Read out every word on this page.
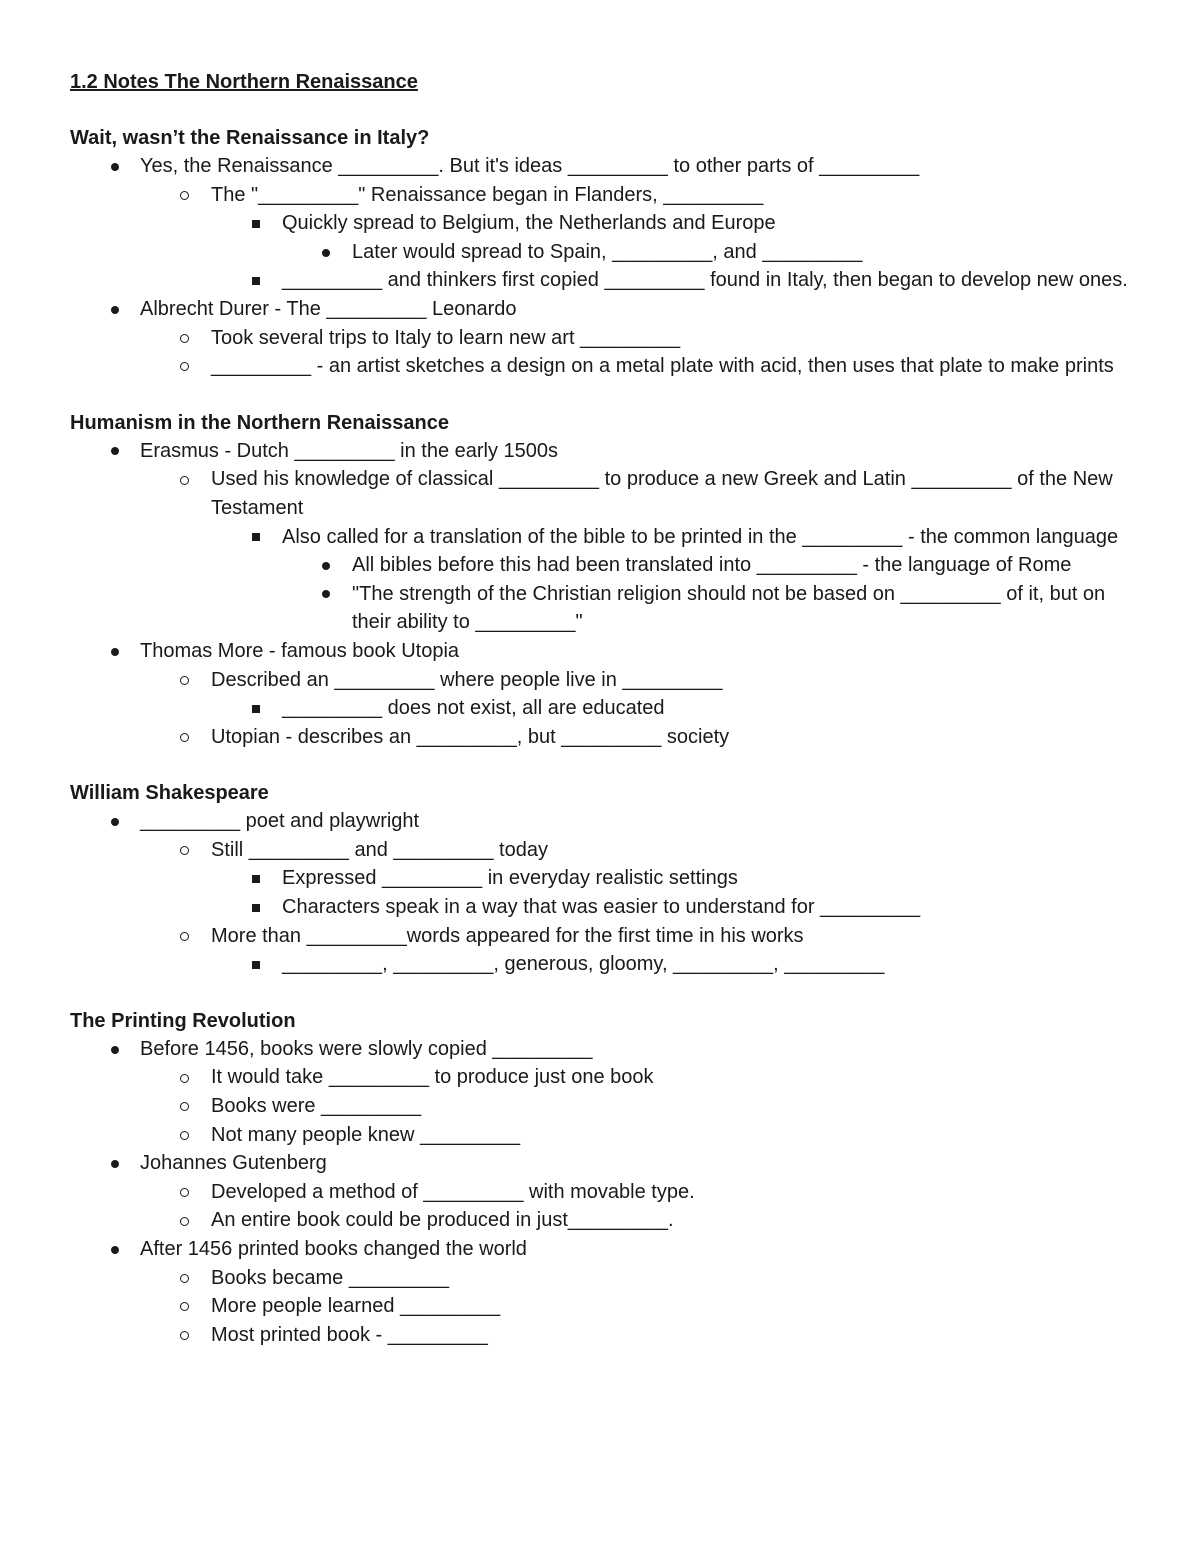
1.2 Notes The Northern Renaissance
Wait, wasn’t the Renaissance in Italy?
Yes, the Renaissance _________. But it's ideas _________ to other parts of _________
The "_________" Renaissance began in Flanders, _________
Quickly spread to Belgium, the Netherlands and Europe
Later would spread to Spain, _________, and _________
_________ and thinkers first copied _________ found in Italy, then began to develop new ones.
Albrecht Durer - The _________ Leonardo
Took several trips to Italy to learn new art _________
_________ - an artist sketches a design on a metal plate with acid, then uses that plate to make prints
Humanism in the Northern Renaissance
Erasmus - Dutch _________ in the early 1500s
Used his knowledge of classical _________ to produce a new Greek and Latin _________ of the New Testament
Also called for a translation of the bible to be printed in the _________ - the common language
All bibles before this had been translated into _________ - the language of Rome
"The strength of the Christian religion should not be based on _________ of it, but on their ability to _________"
Thomas More - famous book Utopia
Described an _________ where people live in _________
_________ does not exist, all are educated
Utopian - describes an _________, but _________ society
William Shakespeare
_________ poet and playwright
Still _________ and _________ today
Expressed _________ in everyday realistic settings
Characters speak in a way that was easier to understand for _________
More than _________words appeared for the first time in his works
_________, _________, generous, gloomy, _________, _________
The Printing Revolution
Before 1456, books were slowly copied _________
It would take _________ to produce just one book
Books were _________
Not many people knew _________
Johannes Gutenberg
Developed a method of _________ with movable type.
An entire book could be produced in just_________.
After 1456 printed books changed the world
Books became _________
More people learned _________
Most printed book - _________
